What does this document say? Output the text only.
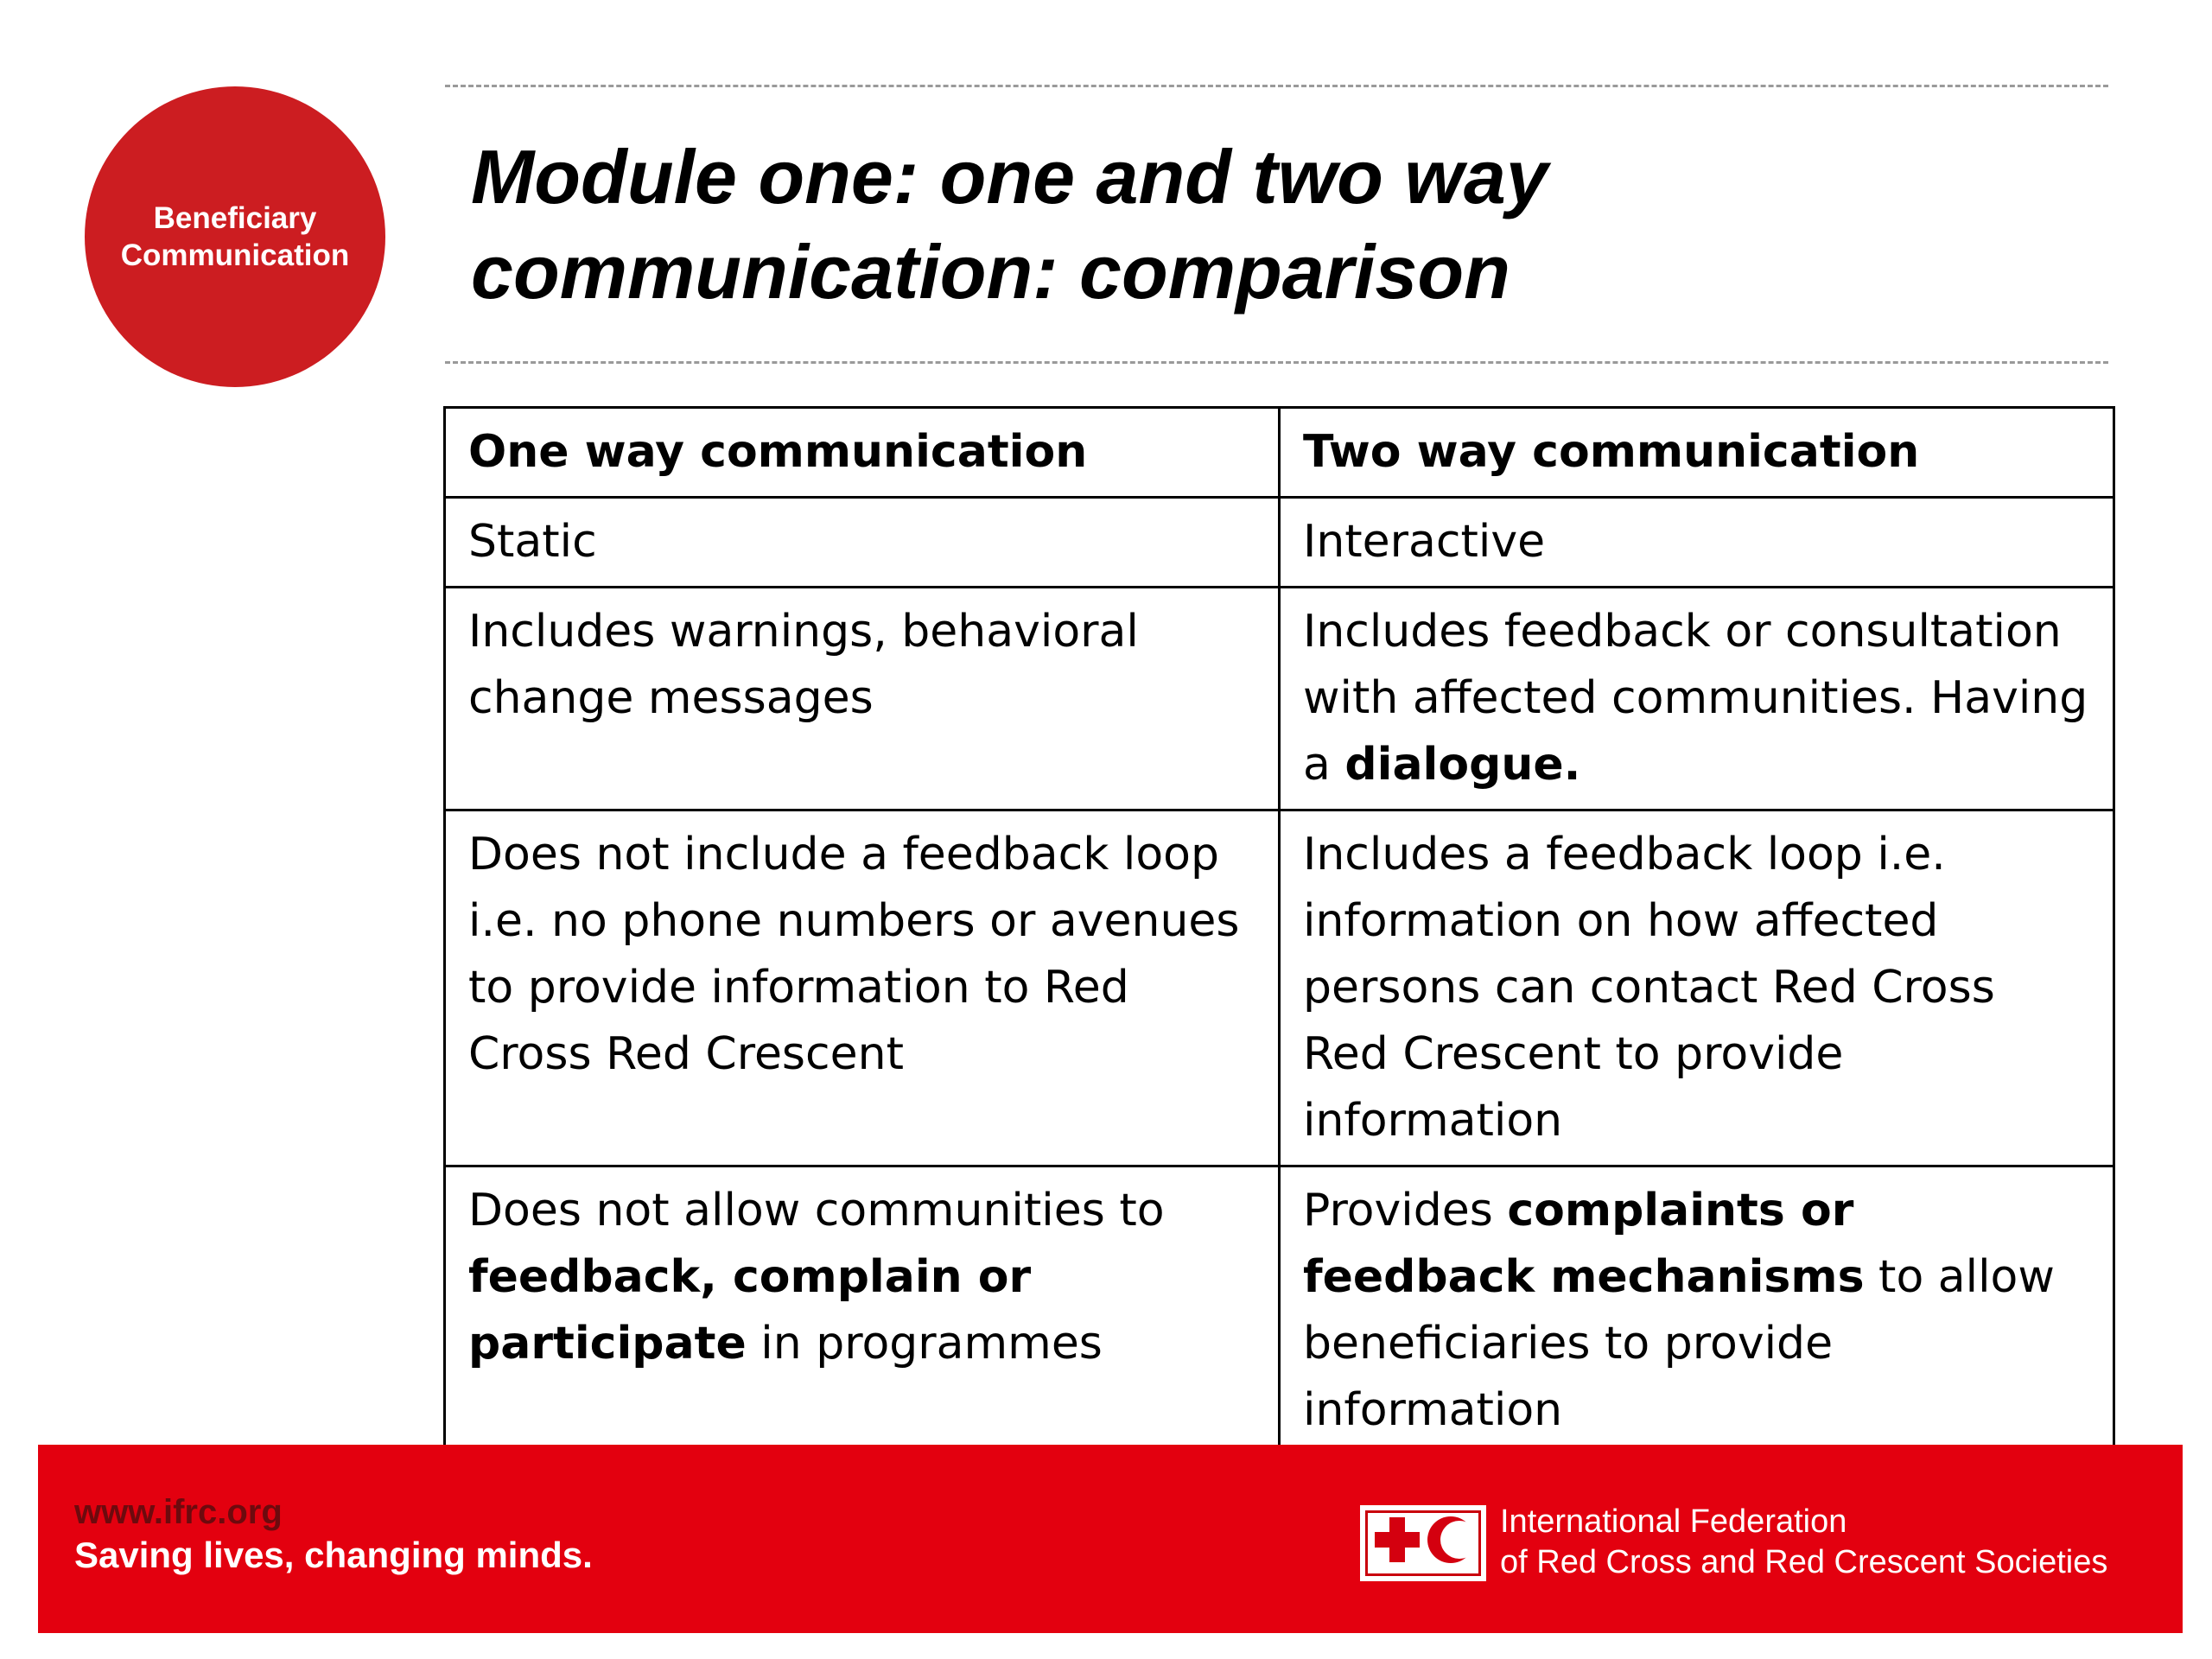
Beneficiary
Communication
Module one: one and two way
communication: comparison
One way communication	Two way communication
Static	Interactive
Includes warnings, behavioral change messages	Includes feedback or consultation with affected communities. Having a dialogue.
Does not include a feedback loop i.e. no phone numbers or avenues to provide information to Red Cross Red Crescent	Includes a feedback loop i.e. information on how affected persons can contact Red Cross Red Crescent to provide information
Does not allow communities to feedback, complain or participate in programmes	Provides complaints or feedback mechanisms to allow beneficiaries to provide information
www.ifrc.org
Saving lives, changing minds.
International Federation
of Red Cross and Red Crescent Societies
